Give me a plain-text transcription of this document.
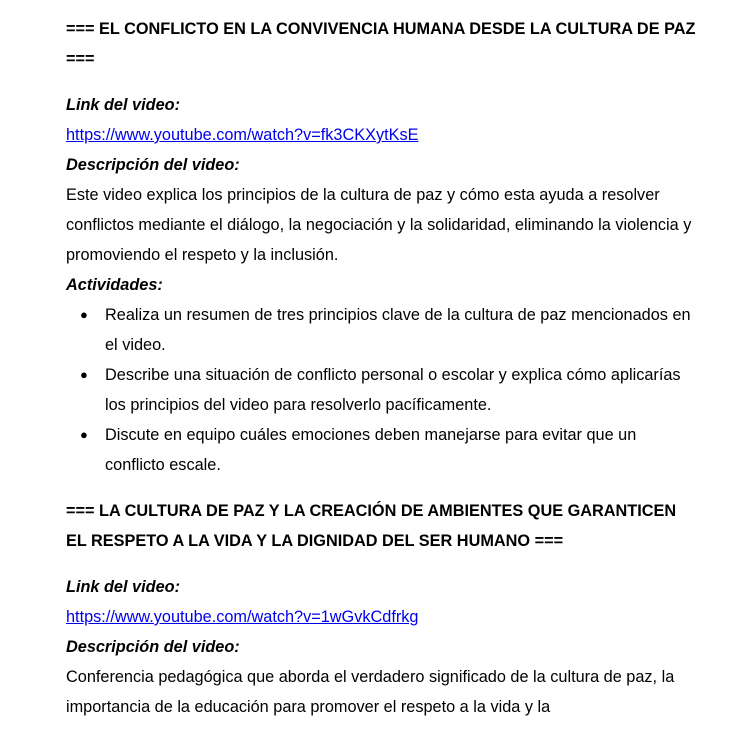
=== EL CONFLICTO EN LA CONVIVENCIA HUMANA DESDE LA CULTURA DE PAZ ===

Link del video:

https://www.youtube.com/watch?v=fk3CKXytKsE

Descripción del video:

Este video explica los principios de la cultura de paz y cómo esta ayuda a resolver conflictos mediante el diálogo, la negociación y la solidaridad, eliminando la violencia y promoviendo el respeto y la inclusión.

Actividades:

● Realiza un resumen de tres principios clave de la cultura de paz mencionados en el video.
● Describe una situación de conflicto personal o escolar y explica cómo aplicarías los principios del video para resolverlo pacíficamente.
● Discute en equipo cuáles emociones deben manejarse para evitar que un conflicto escale.

=== LA CULTURA DE PAZ Y LA CREACIÓN DE AMBIENTES QUE GARANTICEN EL RESPETO A LA VIDA Y LA DIGNIDAD DEL SER HUMANO ===

Link del video:

https://www.youtube.com/watch?v=1wGvkCdfrkg

Descripción del video:

Conferencia pedagógica que aborda el verdadero significado de la cultura de paz, la importancia de la educación para promover el respeto a la vida y la
